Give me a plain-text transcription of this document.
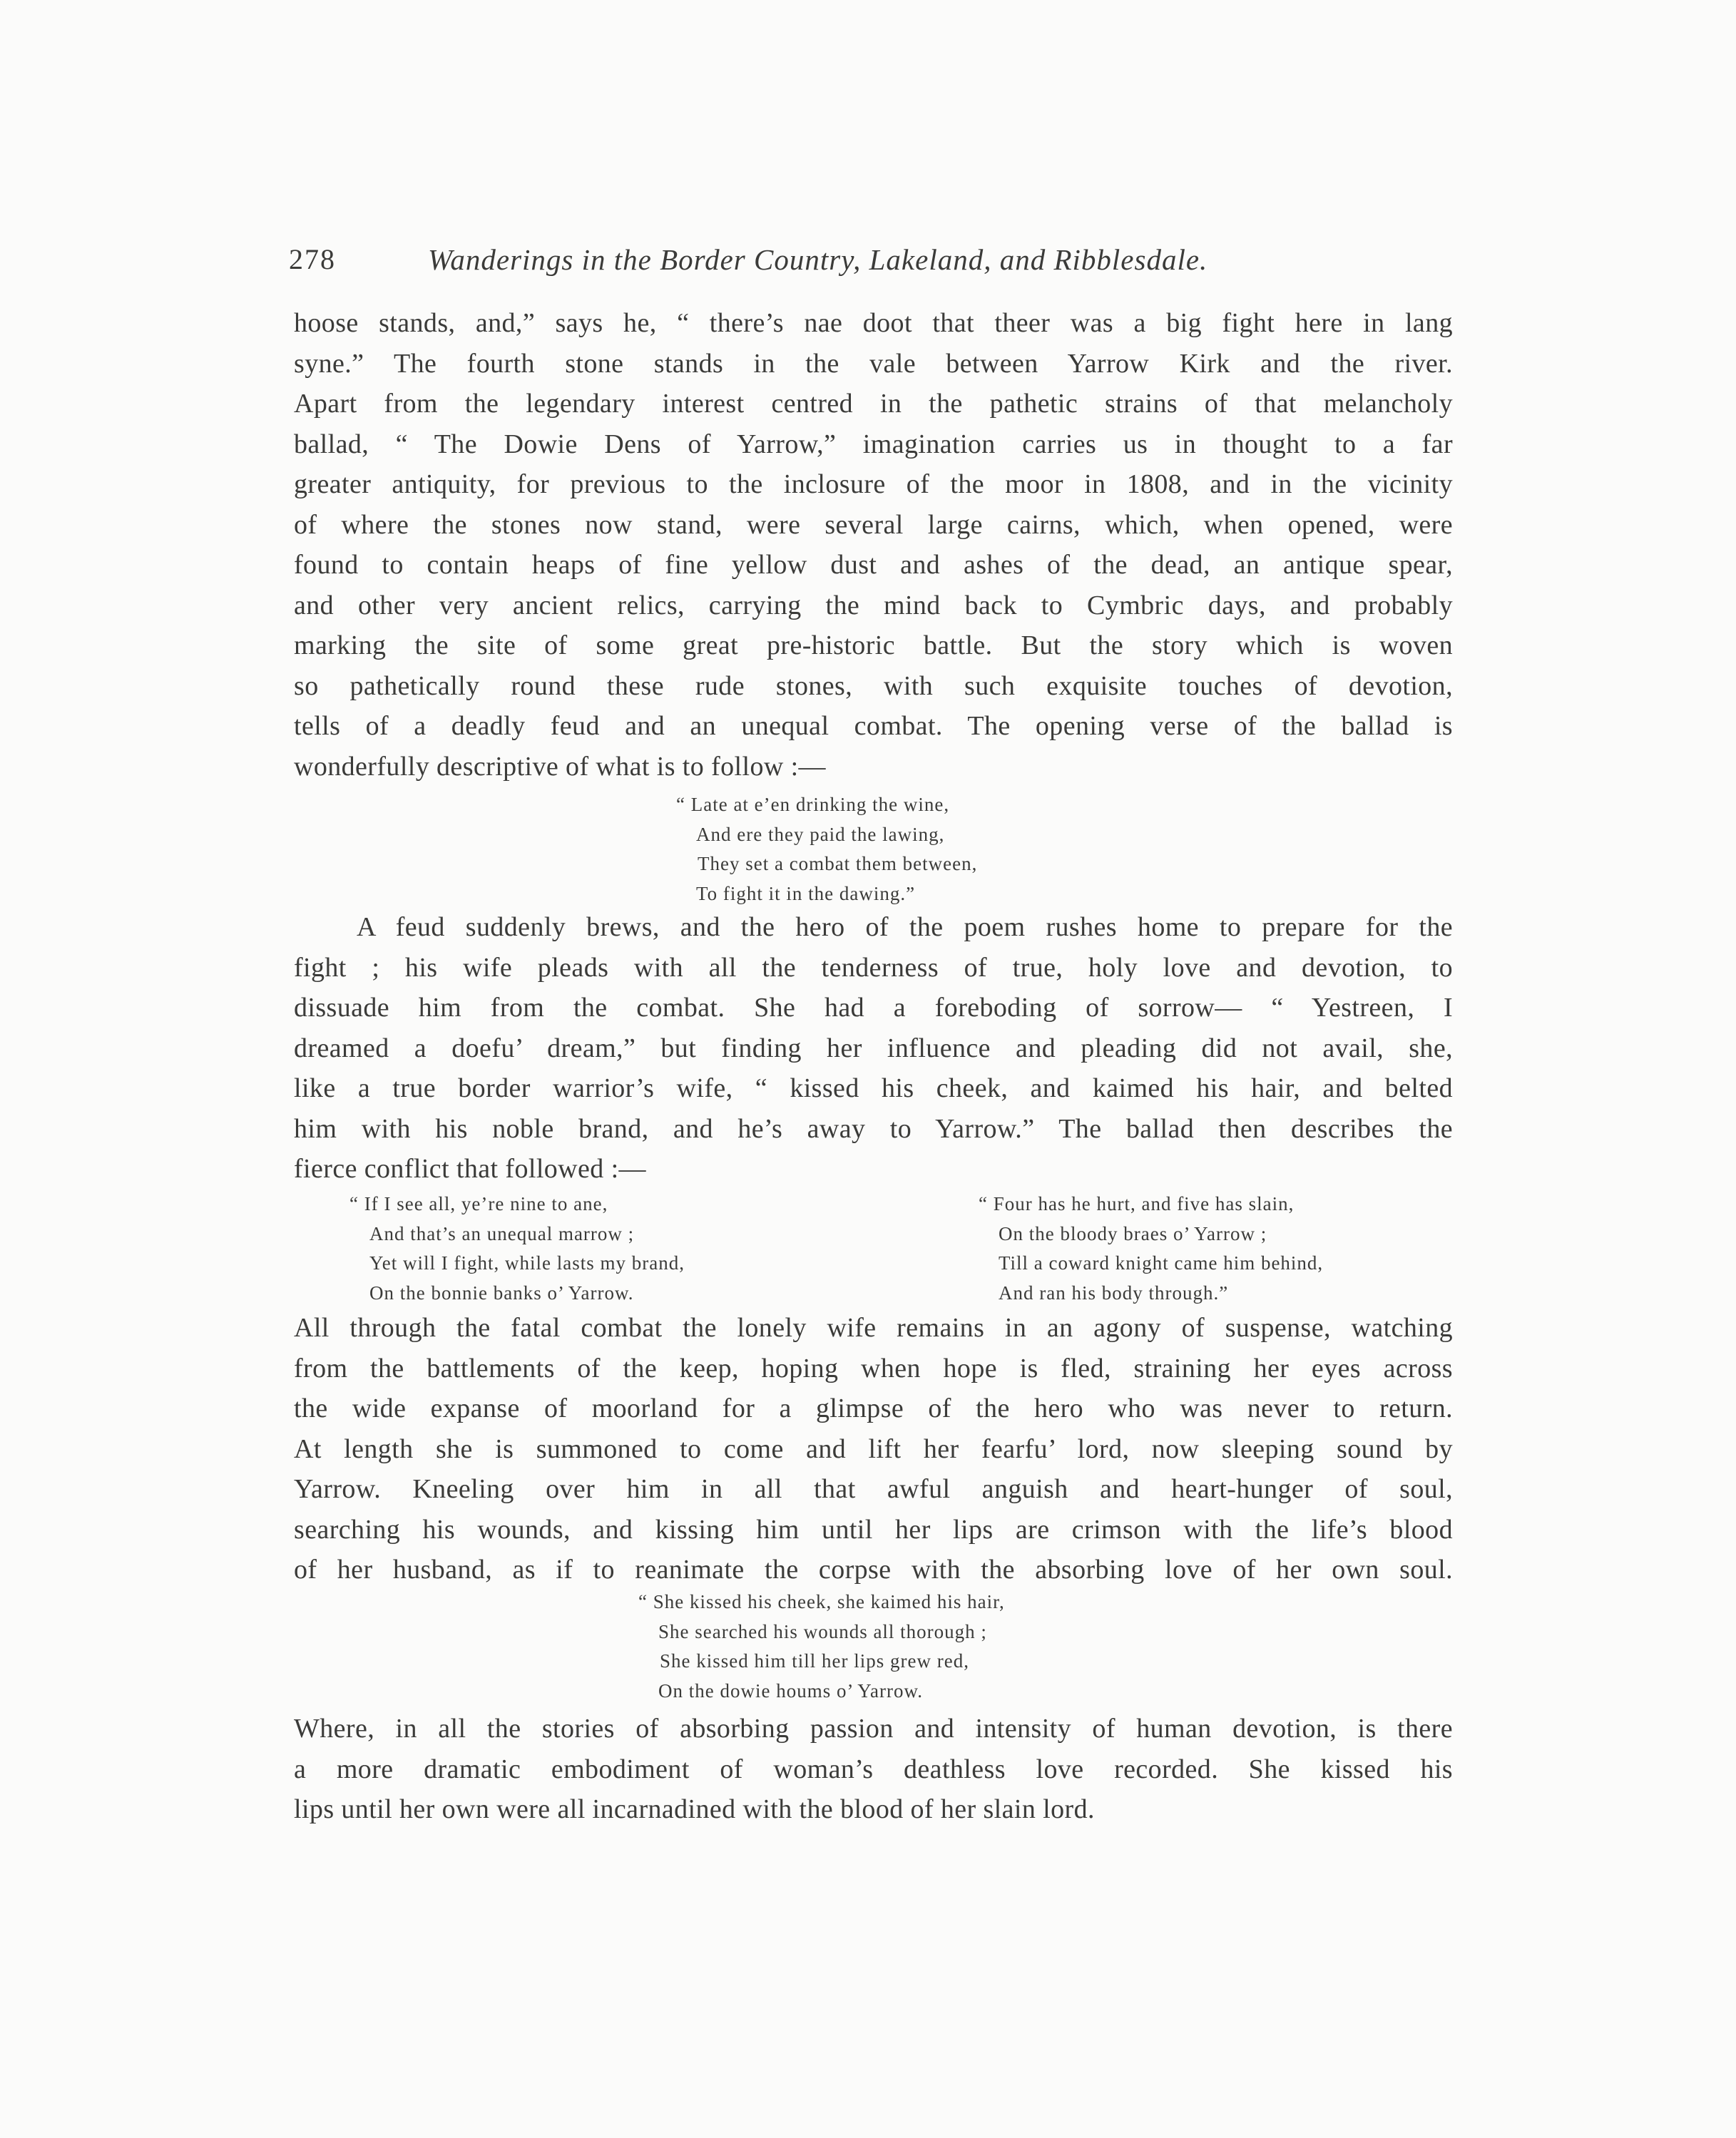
278	Wanderings in the Border Country, Lakeland, and Ribblesdale.
hoose stands, and,” says he, “ there’s nae doot that theer was a big fight here in lang
syne.” The fourth stone stands in the vale between Yarrow Kirk and the river.
Apart from the legendary interest centred in the pathetic strains of that melancholy
ballad, “ The Dowie Dens of Yarrow,” imagination carries us in thought to a far
greater antiquity, for previous to the inclosure of the moor in 1808, and in the vicinity
of where the stones now stand, were several large cairns, which, when opened, were
found to contain heaps of fine yellow dust and ashes of the dead, an antique spear,
and other very ancient relics, carrying the mind back to Cymbric days, and probably
marking the site of some great pre-historic battle. But the story which is woven
so pathetically round these rude stones, with such exquisite touches of devotion,
tells of a deadly feud and an unequal combat. The opening verse of the ballad is
wonderfully descriptive of what is to follow :—
“ Late at e’en drinking the wine,
And ere they paid the lawing,
They set a combat them between,
To fight it in the dawing.”
A feud suddenly brews, and the hero of the poem rushes home to prepare for the
fight ; his wife pleads with all the tenderness of true, holy love and devotion, to
dissuade him from the combat. She had a foreboding of sorrow— “ Yestreen, I
dreamed a doefu’ dream,” but finding her influence and pleading did not avail, she,
like a true border warrior’s wife, “ kissed his cheek, and kaimed his hair, and belted
him with his noble brand, and he’s away to Yarrow.” The ballad then describes the
fierce conflict that followed :—
“ If I see all, ye’re nine to ane,
And that’s an unequal marrow ;
Yet will I fight, while lasts my brand,
On the bonnie banks o’ Yarrow.
“ Four has he hurt, and five has slain,
On the bloody braes o’ Yarrow ;
Till a coward knight came him behind,
And ran his body through.”
All through the fatal combat the lonely wife remains in an agony of suspense, watching
from the battlements of the keep, hoping when hope is fled, straining her eyes across
the wide expanse of moorland for a glimpse of the hero who was never to return.
At length she is summoned to come and lift her fearfu’ lord, now sleeping sound by
Yarrow. Kneeling over him in all that awful anguish and heart-hunger of soul,
searching his wounds, and kissing him until her lips are crimson with the life’s blood
of her husband, as if to reanimate the corpse with the absorbing love of her own soul.
“ She kissed his cheek, she kaimed his hair,
She searched his wounds all thorough ;
She kissed him till her lips grew red,
On the dowie houms o’ Yarrow.
Where, in all the stories of absorbing passion and intensity of human devotion, is there
a more dramatic embodiment of woman’s deathless love recorded. She kissed his
lips until her own were all incarnadined with the blood of her slain lord.
